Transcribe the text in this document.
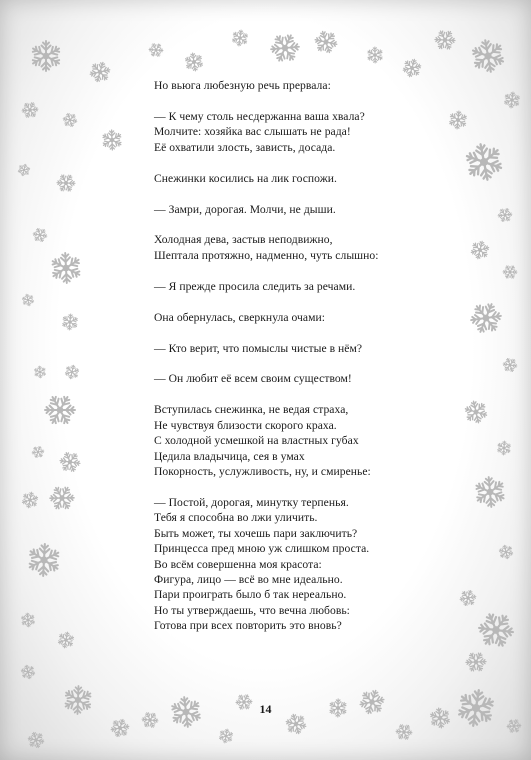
Но вьюга любезную речь прервала:
— К чему столь несдержанна ваша хвала?
Молчите: хозяйка вас слышать не рада!
Её охватили злость, зависть, досада.
Снежинки косились на лик госпожи.
— Замри, дорогая. Молчи, не дыши.
Холодная дева, застыв неподвижно,
Шептала протяжно, надменно, чуть слышно:
— Я прежде просила следить за речами.
Она обернулась, сверкнула очами:
— Кто верит, что помыслы чистые в нём?
— Он любит её всем своим существом!
Вступилась снежинка, не ведая страха,
Не чувствуя близости скорого краха.
С холодной усмешкой на властных губах
Цедила владычица, сея в умах
Покорность, услужливость, ну, и смиренье:
— Постой, дорогая, минутку терпенья.
Тебя я способна во лжи уличить.
Быть может, ты хочешь пари заключить?
Принцесса пред мною уж слишком проста.
Во всём совершенна моя красота:
Фигура, лицо — всё во мне идеально.
Пари проиграть было б так нереально.
Но ты утверждаешь, что вечна любовь:
Готова при всех повторить это вновь?
14
